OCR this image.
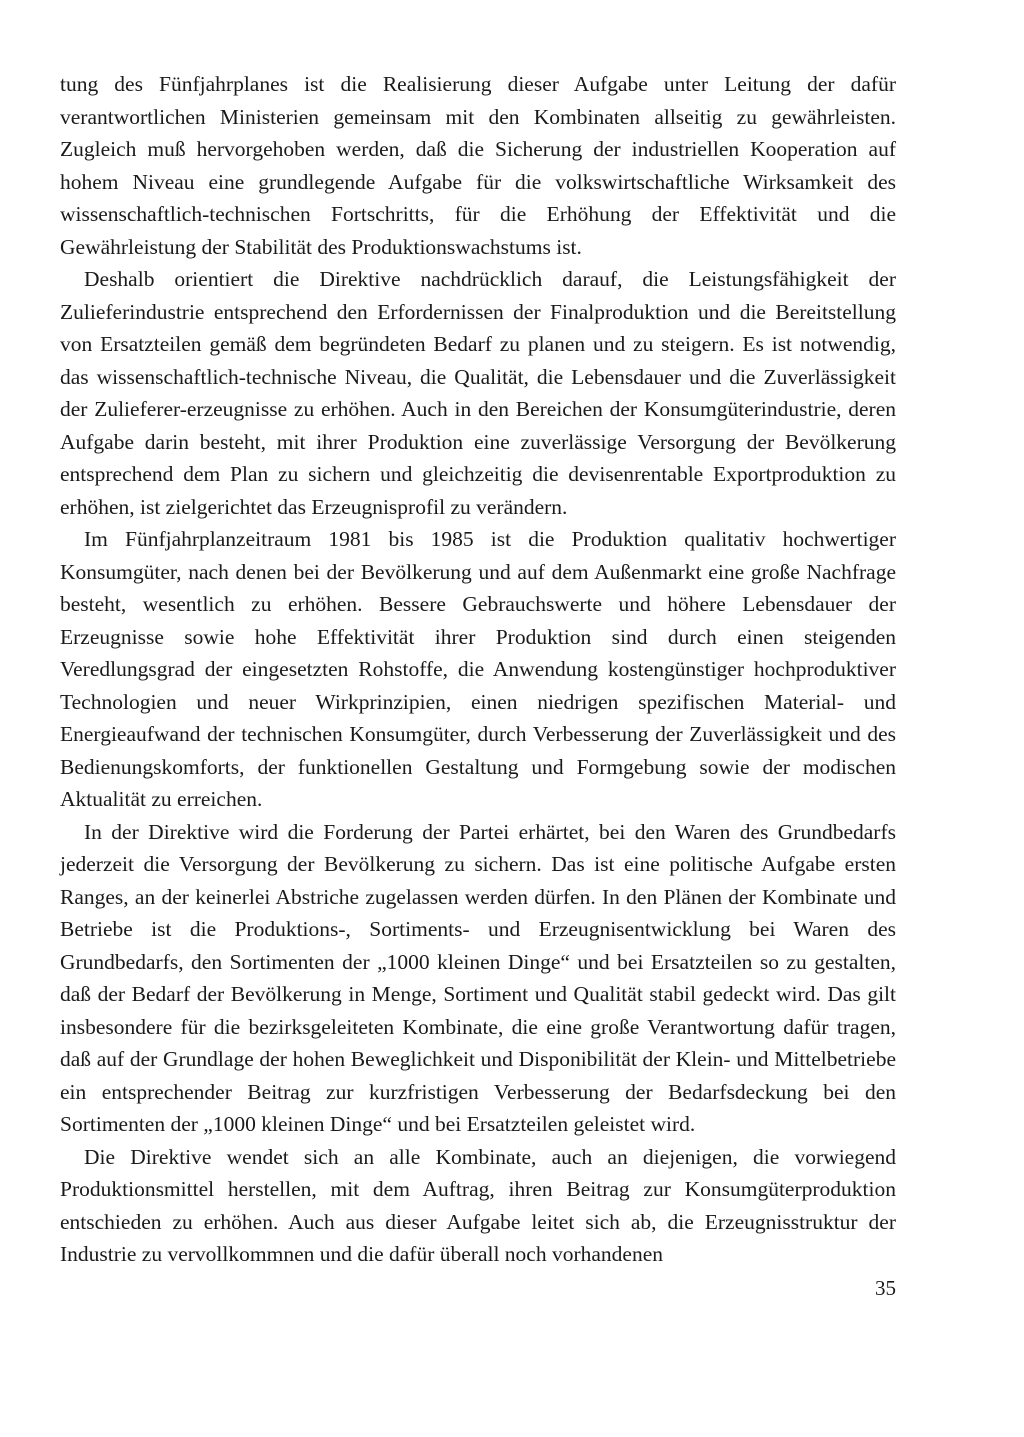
tung des Fünfjahrplanes ist die Realisierung dieser Aufgabe unter Leitung der dafür verantwortlichen Ministerien gemeinsam mit den Kombinaten allseitig zu gewährleisten. Zugleich muß hervorgehoben werden, daß die Sicherung der industriellen Kooperation auf hohem Niveau eine grundlegende Aufgabe für die volkswirtschaftliche Wirksamkeit des wissenschaftlich-technischen Fortschritts, für die Erhöhung der Effektivität und die Gewährleistung der Stabilität des Produktionswachstums ist.

Deshalb orientiert die Direktive nachdrücklich darauf, die Leistungsfähigkeit der Zulieferindustrie entsprechend den Erfordernissen der Finalproduktion und die Bereitstellung von Ersatzteilen gemäß dem begründeten Bedarf zu planen und zu steigern. Es ist notwendig, das wissenschaftlich-technische Niveau, die Qualität, die Lebensdauer und die Zuverlässigkeit der Zulieferer-erzeugnisse zu erhöhen. Auch in den Bereichen der Konsumgüterindustrie, deren Aufgabe darin besteht, mit ihrer Produktion eine zuverlässige Versorgung der Bevölkerung entsprechend dem Plan zu sichern und gleichzeitig die devisenrentable Exportproduktion zu erhöhen, ist zielgerichtet das Erzeugnisprofil zu verändern.

Im Fünfjahrplanzeitraum 1981 bis 1985 ist die Produktion qualitativ hochwertiger Konsumgüter, nach denen bei der Bevölkerung und auf dem Außenmarkt eine große Nachfrage besteht, wesentlich zu erhöhen. Bessere Gebrauchswerte und höhere Lebensdauer der Erzeugnisse sowie hohe Effektivität ihrer Produktion sind durch einen steigenden Veredlungsgrad der eingesetzten Rohstoffe, die Anwendung kostengünstiger hochproduktiver Technologien und neuer Wirkprinzipien, einen niedrigen spezifischen Material- und Energieaufwand der technischen Konsumgüter, durch Verbesserung der Zuverlässigkeit und des Bedienungskomforts, der funktionellen Gestaltung und Formgebung sowie der modischen Aktualität zu erreichen.

In der Direktive wird die Forderung der Partei erhärtet, bei den Waren des Grundbedarfs jederzeit die Versorgung der Bevölkerung zu sichern. Das ist eine politische Aufgabe ersten Ranges, an der keinerlei Abstriche zugelassen werden dürfen. In den Plänen der Kombinate und Betriebe ist die Produktions-, Sortiments- und Erzeugnisentwicklung bei Waren des Grundbedarfs, den Sortimenten der „1000 kleinen Dinge“ und bei Ersatzteilen so zu gestalten, daß der Bedarf der Bevölkerung in Menge, Sortiment und Qualität stabil gedeckt wird. Das gilt insbesondere für die bezirksgeleiteten Kombinate, die eine große Verantwortung dafür tragen, daß auf der Grundlage der hohen Beweglichkeit und Disponibilität der Klein- und Mittelbetriebe ein entsprechender Beitrag zur kurzfristigen Verbesserung der Bedarfsdeckung bei den Sortimenten der „1000 kleinen Dinge“ und bei Ersatzteilen geleistet wird.

Die Direktive wendet sich an alle Kombinate, auch an diejenigen, die vorwiegend Produktionsmittel herstellen, mit dem Auftrag, ihren Beitrag zur Konsumgüterproduktion entschieden zu erhöhen. Auch aus dieser Aufgabe leitet sich ab, die Erzeugnisstruktur der Industrie zu vervollkommnen und die dafür überall noch vorhandenen

35
